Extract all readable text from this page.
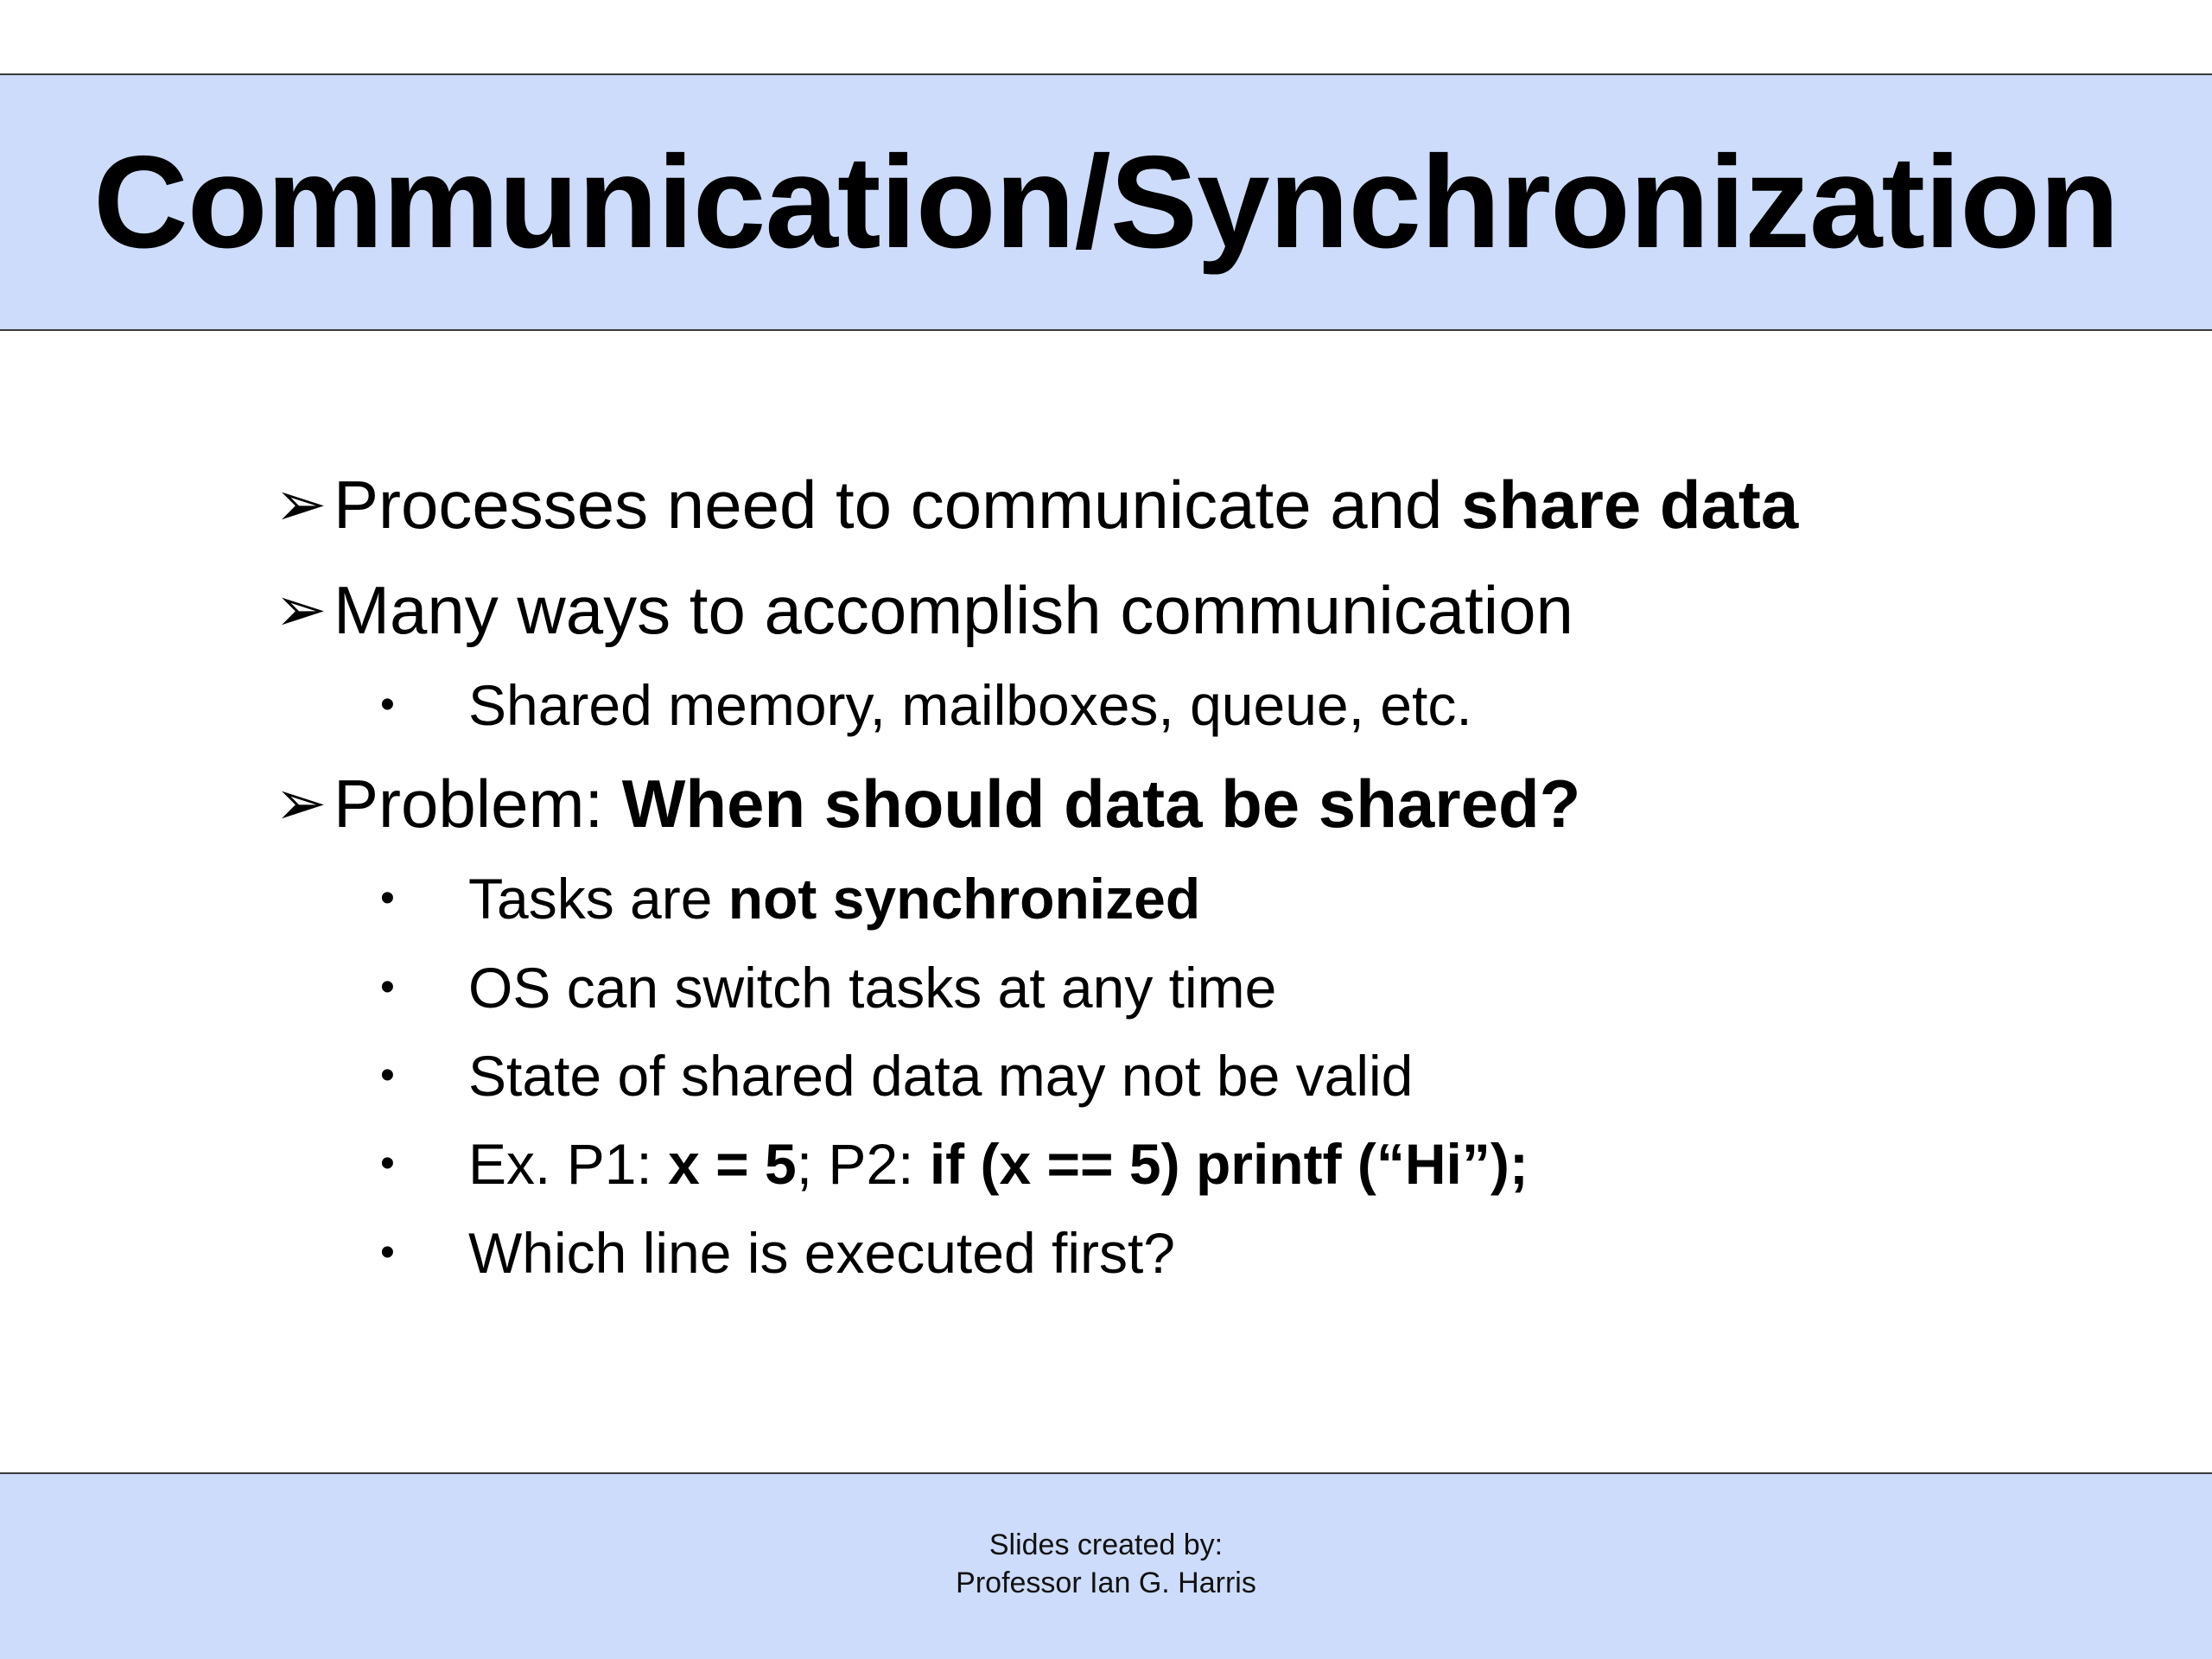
Communication/Synchronization
➢Processes need to communicate and share data
➢Many ways to accomplish communication
• Shared memory, mailboxes, queue, etc.
➢Problem: When should data be shared?
• Tasks are not synchronized
• OS can switch tasks at any time
• State of shared data may not be valid
• Ex. P1: x = 5; P2: if (x == 5) printf (“Hi”);
• Which line is executed first?
Slides created by:
Professor Ian G. Harris
